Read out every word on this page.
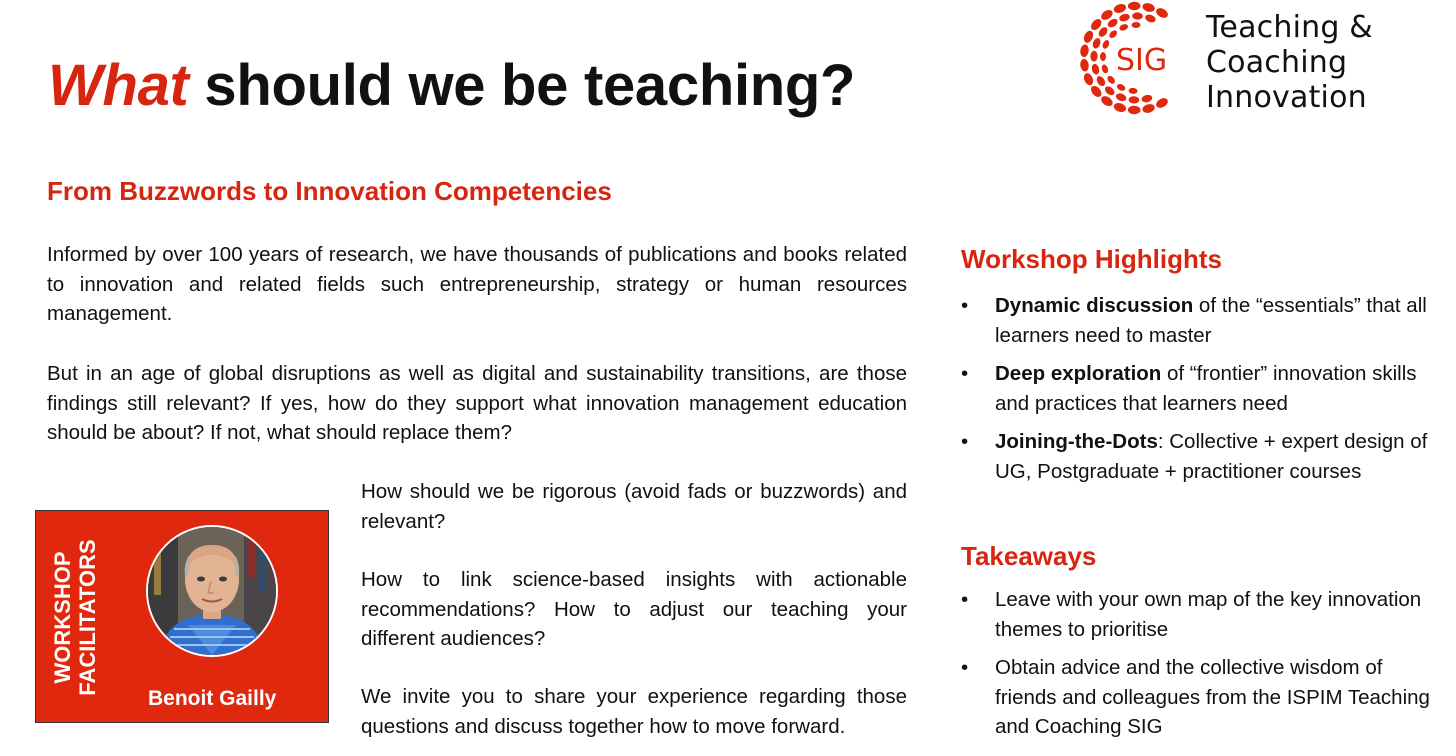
What should we be teaching?	SIG
Teaching &
Coaching
Innovation
From Buzzwords to Innovation Competencies

Informed by over 100 years of research, we have thousands of publications and books related to innovation and related fields such entrepreneurship, strategy or human resources management.

But in an age of global disruptions as well as digital and sustainability transitions, are those findings still relevant? If yes, how do they support what innovation management education should be about? If not, what should replace them?

How should we be rigorous (avoid fads or buzzwords) and relevant?

How to link science-based insights with actionable recommendations? How to adjust our teaching your different audiences?

We invite you to share your experience regarding those questions and discuss together how to move forward.

WORKSHOP FACILITATORS
Benoit Gailly
Workshop Highlights
• Dynamic discussion of the “essentials” that all learners need to master
• Deep exploration of “frontier” innovation skills and practices that learners need
• Joining-the-Dots: Collective + expert design of UG, Postgraduate + practitioner courses
Takeaways
• Leave with your own map of the key innovation themes to prioritise
• Obtain advice and the collective wisdom of friends and colleagues from the ISPIM Teaching and Coaching SIG
